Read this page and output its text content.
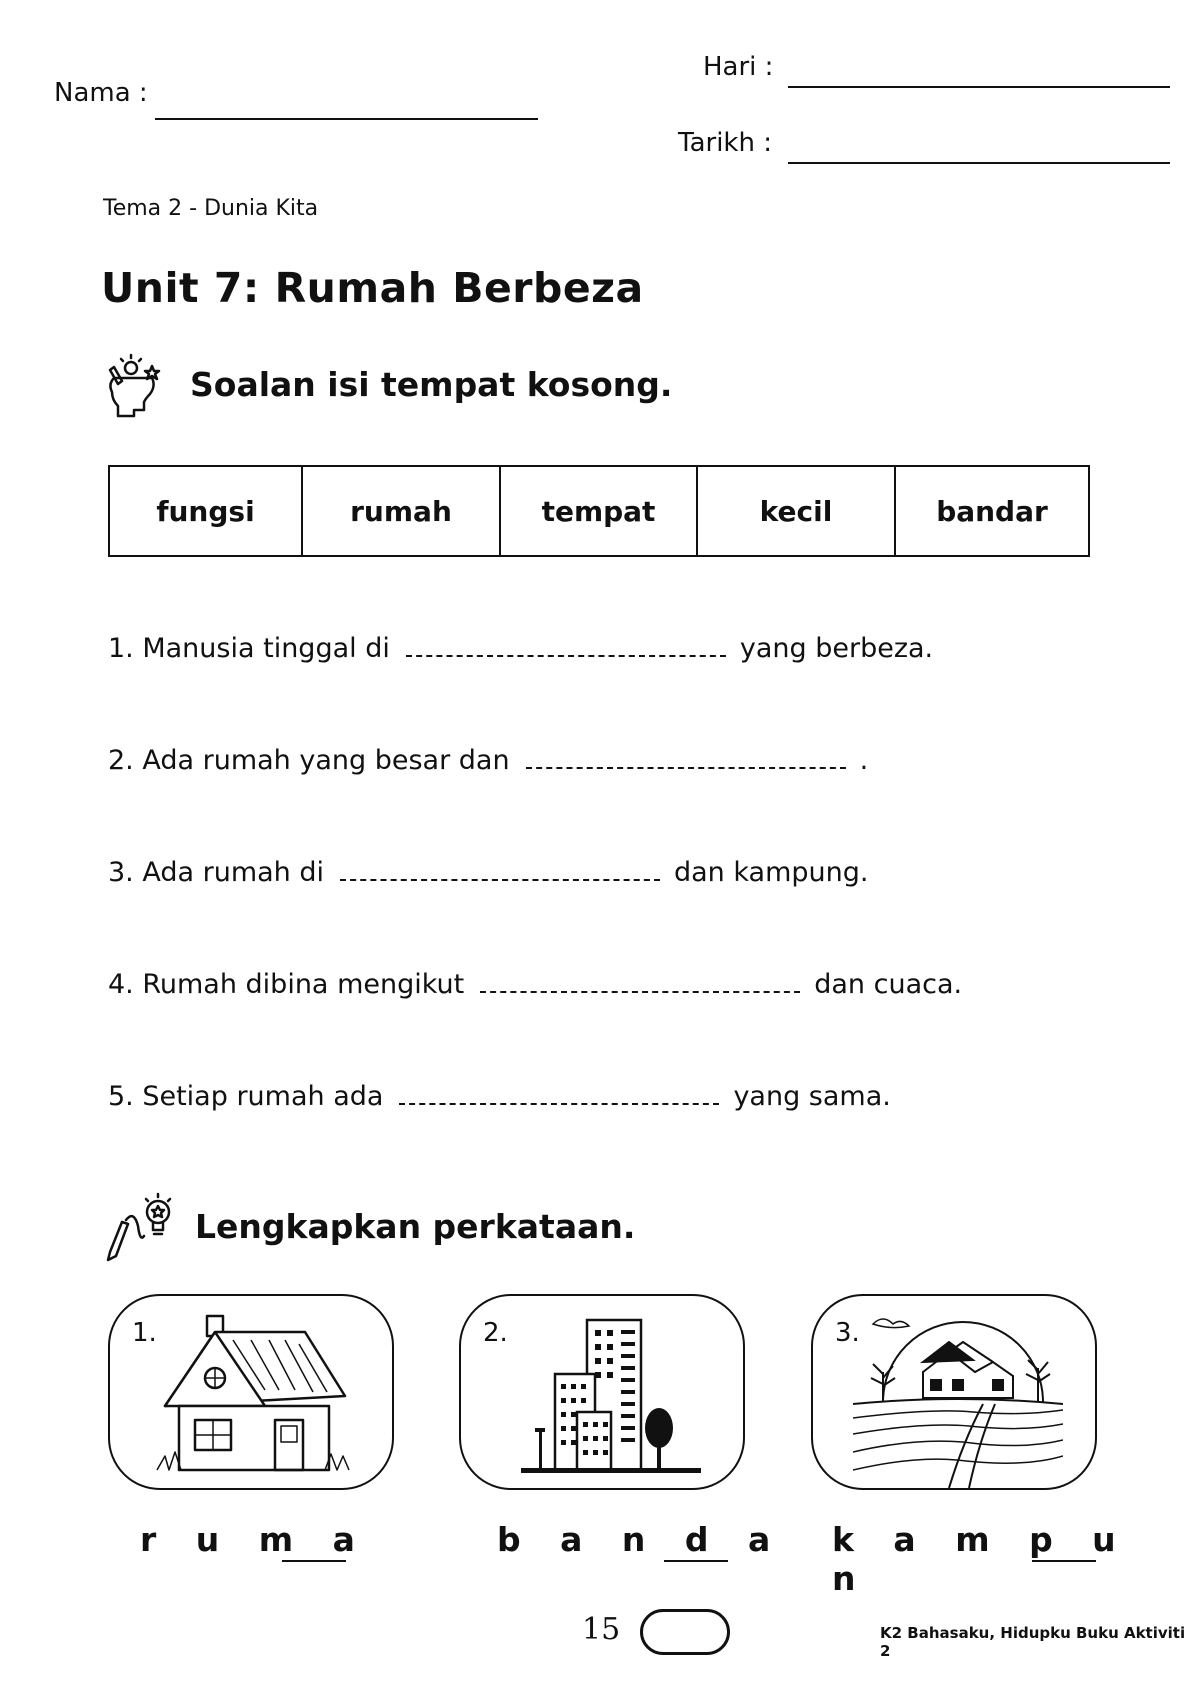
Nama :
Hari :
Tarikh :
Tema 2 - Dunia Kita
Unit 7: Rumah Berbeza
Soalan isi tempat kosong.
fungsi	rumah	tempat	kecil	bandar
1. Manusia tinggal di	yang berbeza.
2. Ada rumah yang besar dan	.
3. Ada rumah di	dan kampung.
4. Rumah dibina mengikut	dan cuaca.
5. Setiap rumah ada	yang sama.
Lengkapkan perkataan.
1.	2.	3.
r u m a	b a n d a k a m p u n
15	K2 Bahasaku, Hidupku Buku Aktiviti 2
